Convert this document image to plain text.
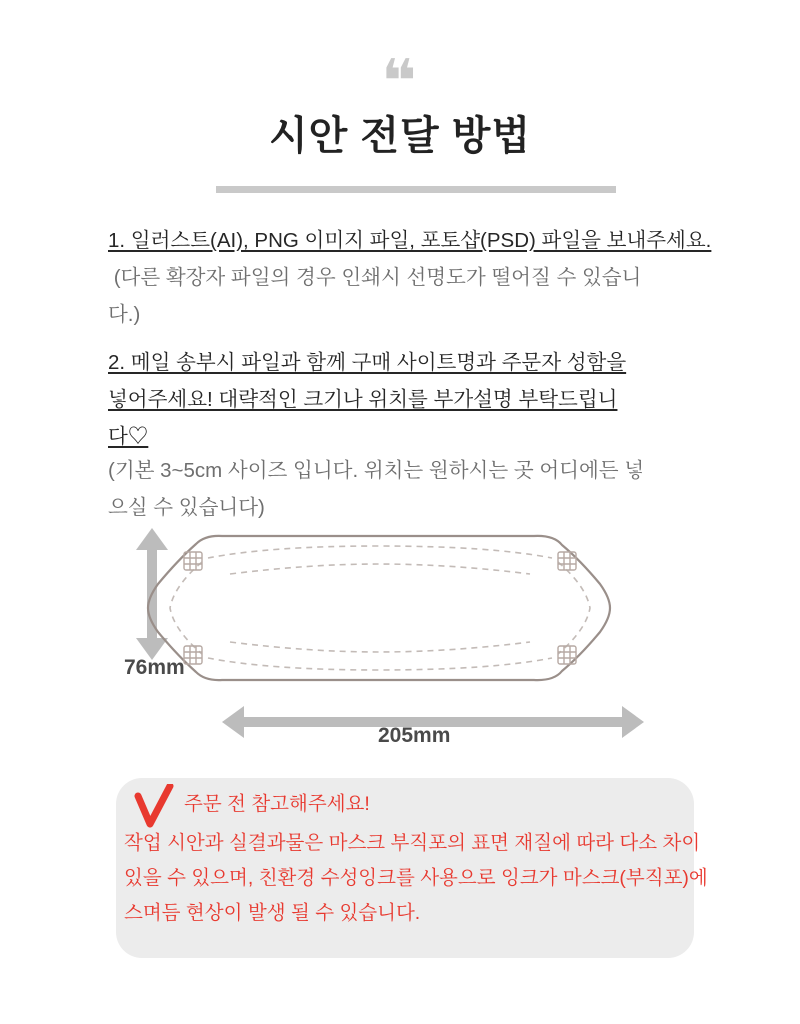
❝
시안 전달 방법
1. 일러스트(AI), PNG 이미지 파일, 포토샵(PSD) 파일을 보내주세요.
(다른 확장자 파일의 경우 인쇄시 선명도가 떨어질 수 있습니
다.)
2. 메일 송부시 파일과 함께 구매 사이트명과 주문자 성함을
넣어주세요! 대략적인 크기나 위치를 부가설명 부탁드립니
다♡
(기본 3~5cm 사이즈 입니다. 위치는 원하시는 곳 어디에든 넣
으실 수 있습니다)
76mm
205mm
주문 전 참고해주세요!
작업 시안과 실결과물은 마스크 부직포의 표면 재질에 따라 다소 차이
있을 수 있으며, 친환경 수성잉크를 사용으로 잉크가 마스크(부직포)에
스며듬 현상이 발생 될 수 있습니다.
